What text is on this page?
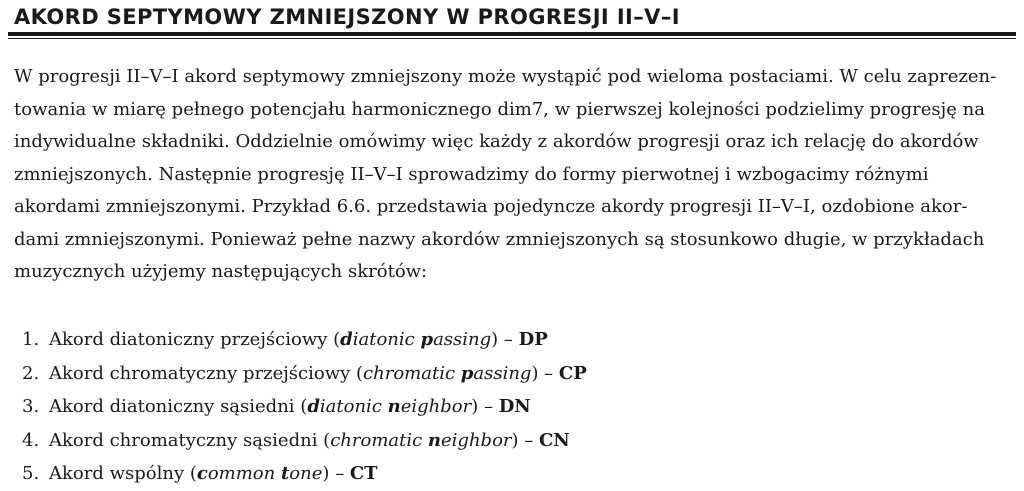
AKORD SEPTYMOWY ZMNIEJSZONY W PROGRESJI II–V–I

W progresji II–V–I akord septymowy zmniejszony może wystąpić pod wieloma postaciami. W celu zaprezen-
towania w miarę pełnego potencjału harmonicznego dim7, w pierwszej kolejności podzielimy progresję na
indywidualne składniki. Oddzielnie omówimy więc każdy z akordów progresji oraz ich relację do akordów
zmniejszonych. Następnie progresję II–V–I sprowadzimy do formy pierwotnej i wzbogacimy różnymi
akordami zmniejszonymi. Przykład 6.6. przedstawia pojedyncze akordy progresji II–V–I, ozdobione akor-
dami zmniejszonymi. Ponieważ pełne nazwy akordów zmniejszonych są stosunkowo długie, w przykładach
muzycznych użyjemy następujących skrótów:

1. Akord diatoniczny przejściowy (diatonic passing) – DP
2. Akord chromatyczny przejściowy (chromatic passing) – CP
3. Akord diatoniczny sąsiedni (diatonic neighbor) – DN
4. Akord chromatyczny sąsiedni (chromatic neighbor) – CN
5. Akord wspólny (common tone) – CT
